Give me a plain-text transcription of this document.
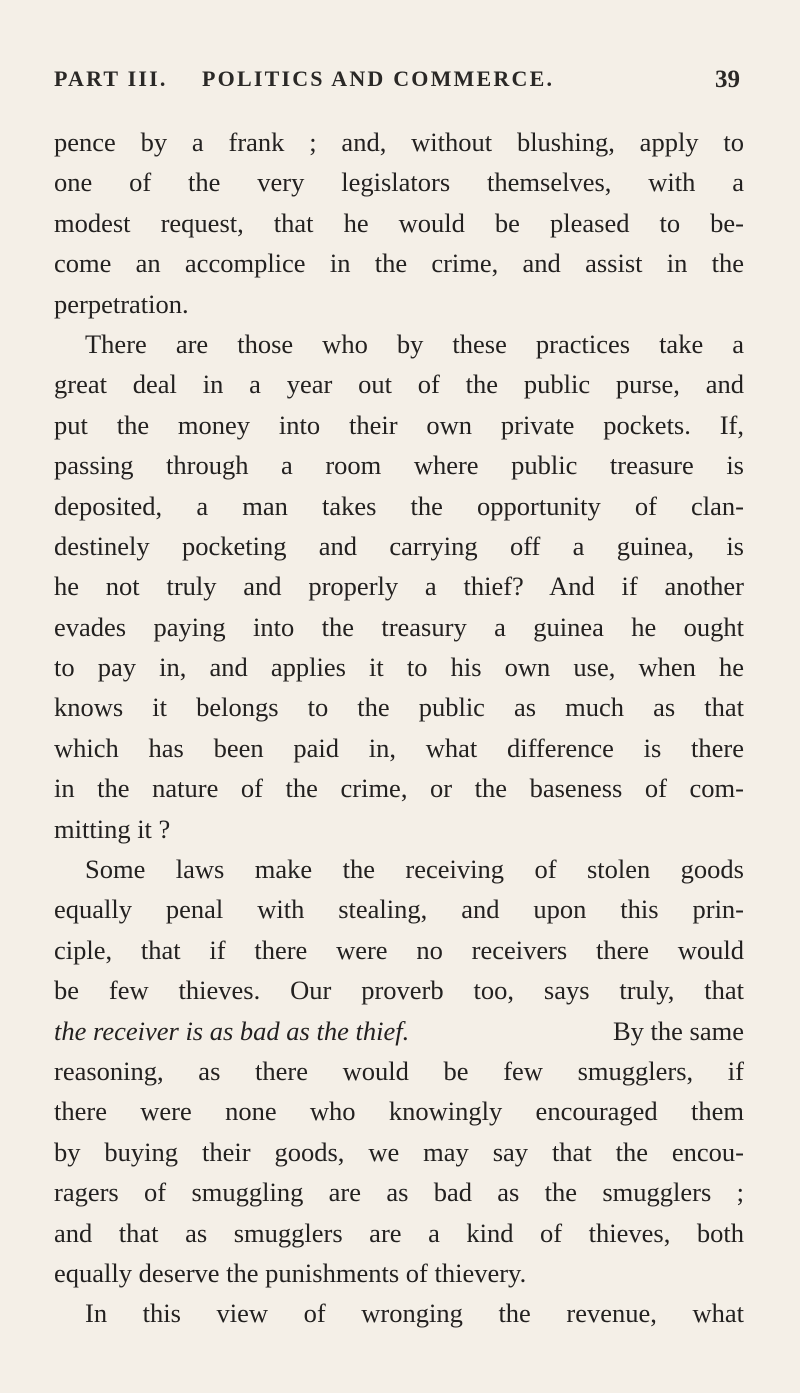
PART III. POLITICS AND COMMERCE.	39
pence by a frank ; and, without blushing, apply to
one of the very legislators themselves, with a
modest request, that he would be pleased to be-
come an accomplice in the crime, and assist in the
perpetration.
There are those who by these practices take a
great deal in a year out of the public purse, and
put the money into their own private pockets. If,
passing through a room where public treasure is
deposited, a man takes the opportunity of clan-
destinely pocketing and carrying off a guinea, is
he not truly and properly a thief? And if another
evades paying into the treasury a guinea he ought
to pay in, and applies it to his own use, when he
knows it belongs to the public as much as that
which has been paid in, what difference is there
in the nature of the crime, or the baseness of com-
mitting it ?
Some laws make the receiving of stolen goods
equally penal with stealing, and upon this prin-
ciple, that if there were no receivers there would
be few thieves. Our proverb too, says truly, that
the receiver is as bad as the thief.	By the same
reasoning, as there would be few smugglers, if
there were none who knowingly encouraged them
by buying their goods, we may say that the encou-
ragers of smuggling are as bad as the smugglers ;
and that as smugglers are a kind of thieves, both
equally deserve the punishments of thievery.
In this view of wronging the revenue, what
